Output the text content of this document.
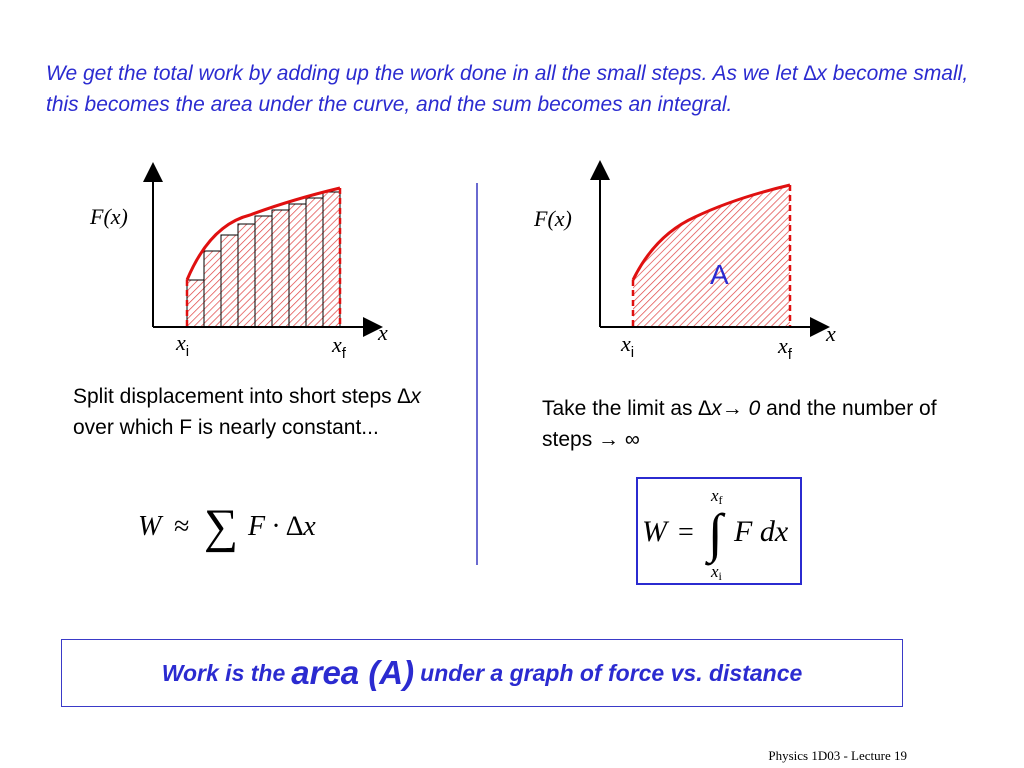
We get the total work by adding up the work done in all the small steps. As we let ∆x become small, this becomes the area under the curve, and the sum becomes an integral.

F(x)
x
$x_i$	$x_f$
A
F(x)
x
$x_i$	$x_f$
Split displacement into short steps ∆x over which F is nearly constant...
Take the limit as ∆x→ 0 and the number of steps → ∞
W ≈ ∑ F · ∆x
xf
W = ∫ F dx
xi
Work is the area (A) under a graph of force vs. distance
Physics 1D03 - Lecture 19
